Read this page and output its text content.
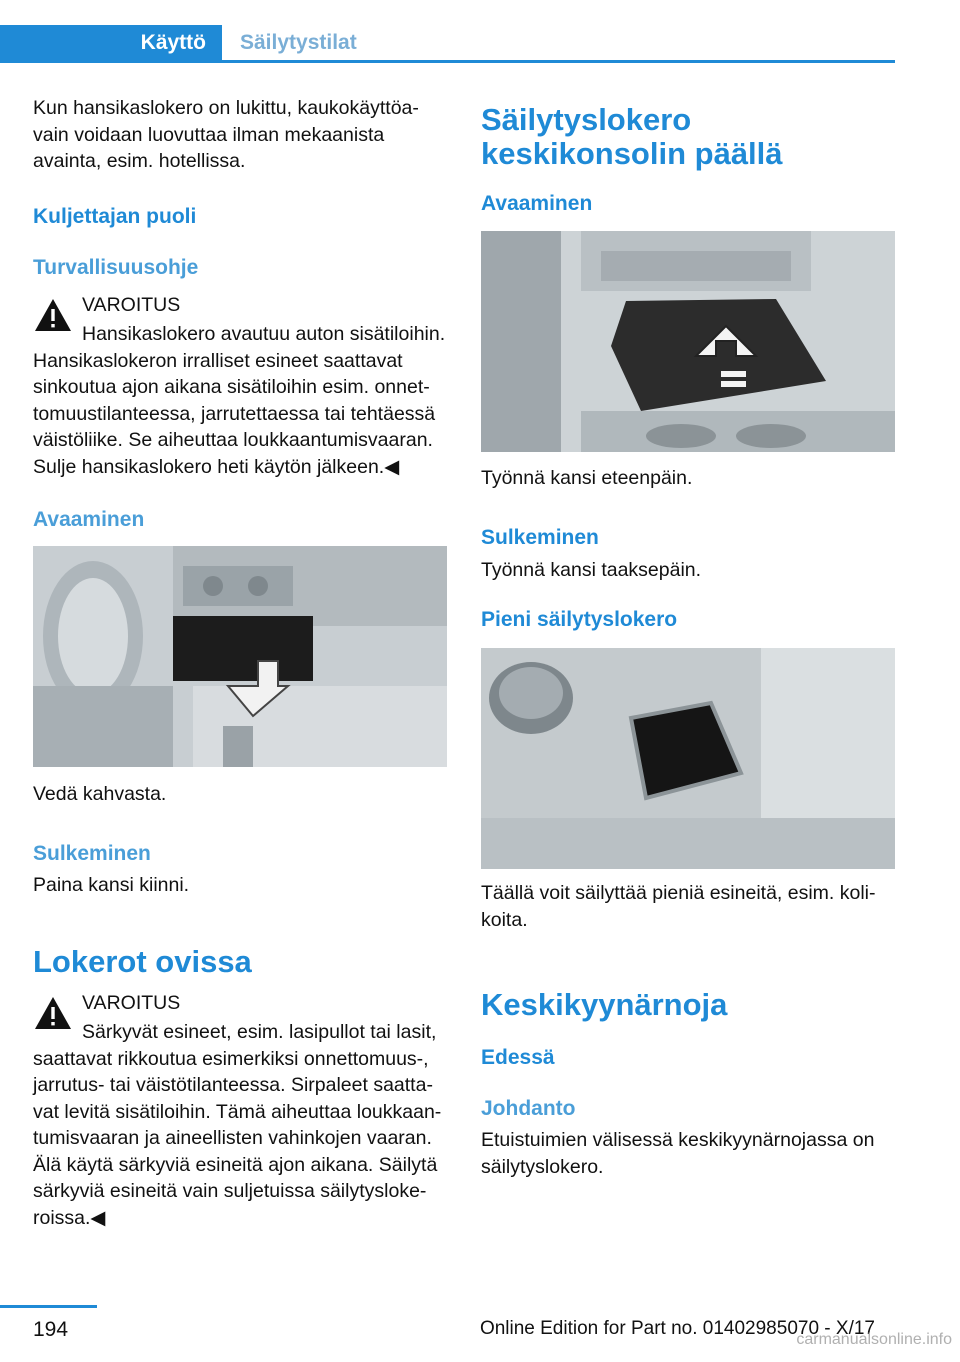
Käyttö	Säilytystilat

Kun hansikaslokero on lukittu, kaukokäyttöavain voidaan luovuttaa ilman mekaanista avainta, esim. hotellissa.

Kuljettajan puoli
Turvallisuusohje
VAROITUS

Hansikaslokero avautuu auton sisätiloihin. Hansikaslokeron irralliset esineet saattavat sinkoutua ajon aikana sisätiloihin esim. onnettomuustilanteessa, jarrutettaessa tai tehtäessä väistöliike. Se aiheuttaa loukkaantumisvaaran. Sulje hansikaslokero heti käytön jälkeen.◀

Avaaminen

Vedä kahvasta.

Sulkeminen

Paina kansi kiinni.

Lokerot ovissa
VAROITUS

Särkyvät esineet, esim. lasipullot tai lasit, saattavat rikkoutua esimerkiksi onnettomuus-, jarrutus- tai väistötilanteessa. Sirpaleet saattavat levitä sisätiloihin. Tämä aiheuttaa loukkaantumisvaaran ja aineellisten vahinkojen vaaran. Älä käytä särkyviä esineitä ajon aikana. Säilytä särkyviä esineitä vain suljetuissa säilytyslokeroissa.◀

Säilytyslokero keskikonsolin päällä
Avaaminen

Työnnä kansi eteenpäin.

Sulkeminen

Työnnä kansi taaksepäin.

Pieni säilytyslokero

Täällä voit säilyttää pieniä esineitä, esim. kolikoita.

Keskikyynärnoja
Edessä
Johdanto

Etuistuimien välisessä keskikyynärnojassa on säilytyslokero.

194	Online Edition for Part no. 01402985070 - X/17
carmanualsonline.info
